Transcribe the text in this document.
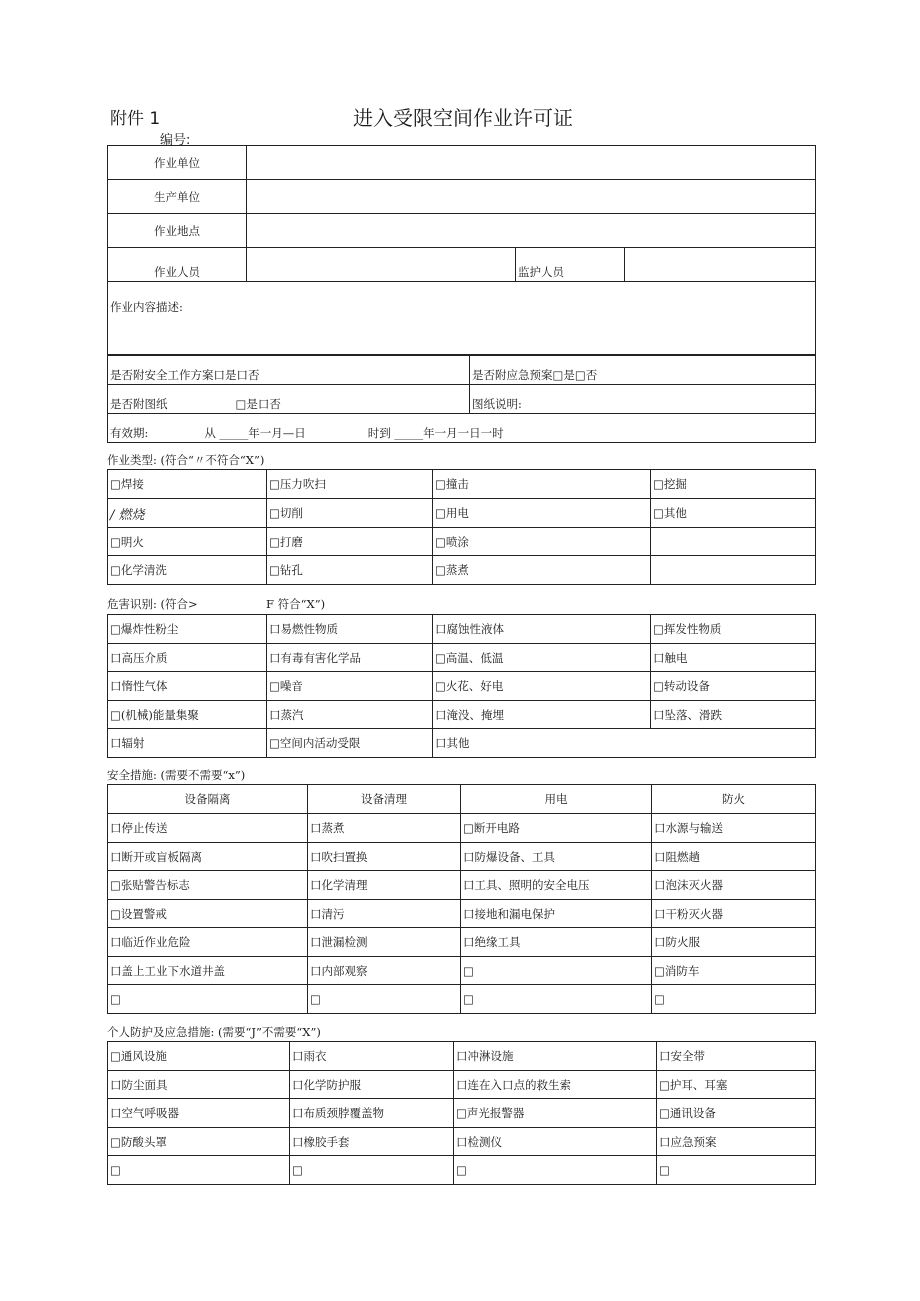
附件 1	进入受限空间作业许可证
编号:
作业单位			
生产单位			
作业地点			
作业人员		监护人员	
作业内容描述:			
是否附安全工作方案口是口否	是否附应急预案□是□否
是否附图纸 □是口否	图纸说明:
有效期: 从 _____年一月—日 时到 _____年一月一日一时	
作业类型: (符合“〃不符合“X”)
□焊接	□压力吹扫	□撞击	□挖掘
/ 燃烧	□切削	□用电	□其他
□明火	□打磨	□喷涂	
□化学清洗	□钻孔	□蒸煮	
危害识别: (符合>	F 符合“X”)
□爆炸性粉尘	口易燃性物质	口腐蚀性液体	□挥发性物质
口高压介质	口有毒有害化学品	□高温、低温	口触电
口惰性气体	□噪音	□火花、好电	□转动设备
□(机械)能量集聚	口蒸汽	口淹没、掩埋	口坠落、滑跌
口辐射	□空间内活动受限	口其他	
安全措施: (需要不需要“x”)
设备隔离	设备清理	用电	防火
口停止传送	口蒸煮	□断开电路	口水源与输送
口断开或盲板隔离	口吹扫置换	口防爆设备、工具	口阻燃趟
□张贴警告标志	口化学清理	口工具、照明的安全电压	口泡沫灭火器
□设置警戒	口清污	口接地和漏电保护	口干粉灭火器
口临近作业危险	口泄漏检测	口绝缘工具	口防火服
口盖上工业下水道井盖	口内部观察	□	□消防车
□	□	□	□
个人防护及应急措施: (需要“J”不需要“X”)
□通风设施	口雨衣	口冲淋设施	口安全带
口防尘面具	口化学防护服	口连在入口点的救生索	□护耳、耳塞
口空气呼吸器	口布质颈脖覆盖物	□声光报警器	□通讯设备
□防酸头罩	口橡胶手套	口检测仪	口应急预案
□	□	□	□
